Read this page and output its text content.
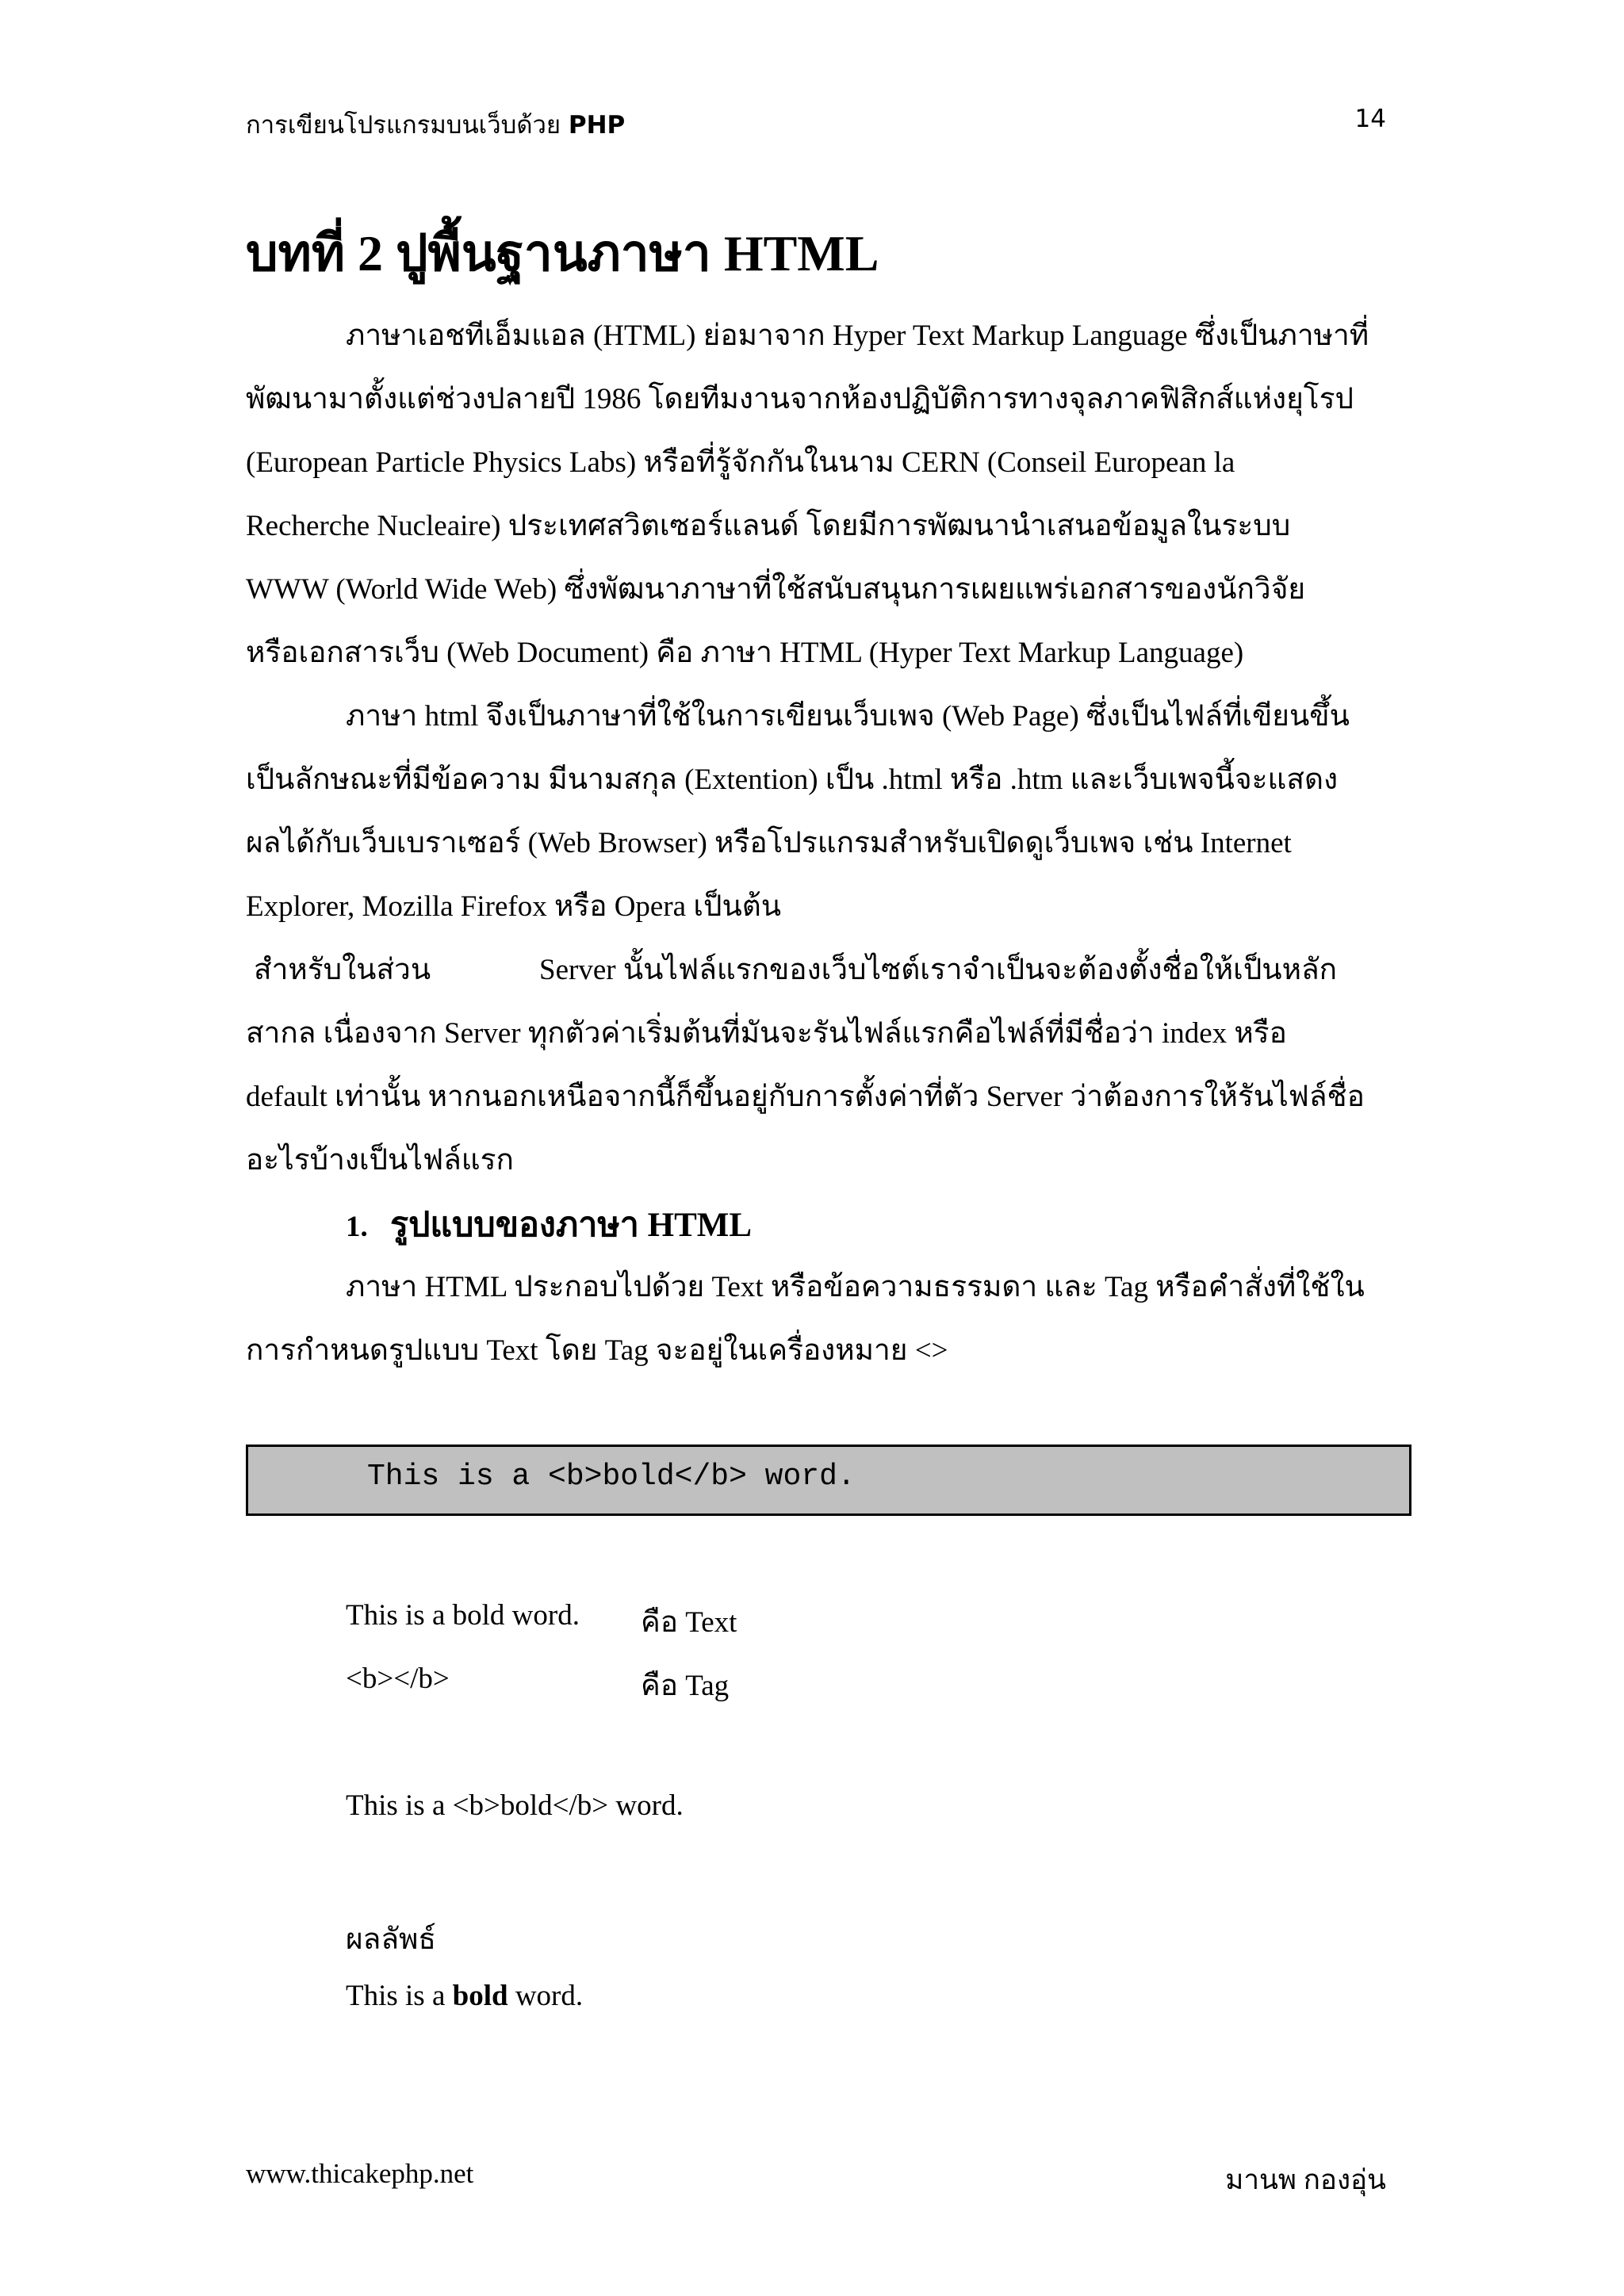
การเขียนโปรแกรมบนเว็บด้วย PHP	14
บทที่ 2 ปูพื้นฐานภาษา HTML
ภาษาเอชทีเอ็มแอล (HTML) ย่อมาจาก Hyper Text Markup Language ซึ่งเป็นภาษาที่
พัฒนามาตั้งแต่ช่วงปลายปี 1986 โดยทีมงานจากห้องปฏิบัติการทางจุลภาคฟิสิกส์แห่งยุโรป
(European Particle Physics Labs) หรือที่รู้จักกันในนาม CERN (Conseil European la
Recherche Nucleaire) ประเทศสวิตเซอร์แลนด์ โดยมีการพัฒนานำเสนอข้อมูลในระบบ
WWW (World Wide Web) ซึ่งพัฒนาภาษาที่ใช้สนับสนุนการเผยแพร่เอกสารของนักวิจัย
หรือเอกสารเว็บ (Web Document) คือ ภาษา HTML (Hyper Text Markup Language)
ภาษา html จึงเป็นภาษาที่ใช้ในการเขียนเว็บเพจ (Web Page) ซึ่งเป็นไฟล์ที่เขียนขึ้น
เป็นลักษณะที่มีข้อความ มีนามสกุล (Extention) เป็น .html หรือ .htm และเว็บเพจนี้จะแสดง
ผลได้กับเว็บเบราเซอร์ (Web Browser) หรือโปรแกรมสำหรับเปิดดูเว็บเพจ เช่น Internet
Explorer, Mozilla Firefox หรือ Opera เป็นต้น
สำหรับในส่วน	Server นั้นไฟล์แรกของเว็บไซต์เราจำเป็นจะต้องตั้งชื่อให้เป็นหลัก
สากล เนื่องจาก Server ทุกตัวค่าเริ่มต้นที่มันจะรันไฟล์แรกคือไฟล์ที่มีชื่อว่า index หรือ
default เท่านั้น หากนอกเหนือจากนี้ก็ขึ้นอยู่กับการตั้งค่าที่ตัว Server ว่าต้องการให้รันไฟล์ชื่อ
อะไรบ้างเป็นไฟล์แรก
1. รูปแบบของภาษา HTML
ภาษา HTML ประกอบไปด้วย Text หรือข้อความธรรมดา และ Tag หรือคำสั่งที่ใช้ใน
การกำหนดรูปแบบ Text โดย Tag จะอยู่ในเครื่องหมาย <>
This is a <b>bold</b> word.
This is a bold word. คือ Text
<b></b>	คือ Tag
This is a <b>bold</b> word.
ผลลัพธ์
This is a bold word.
www.thicakephp.net	มานพ กองอุ่น
